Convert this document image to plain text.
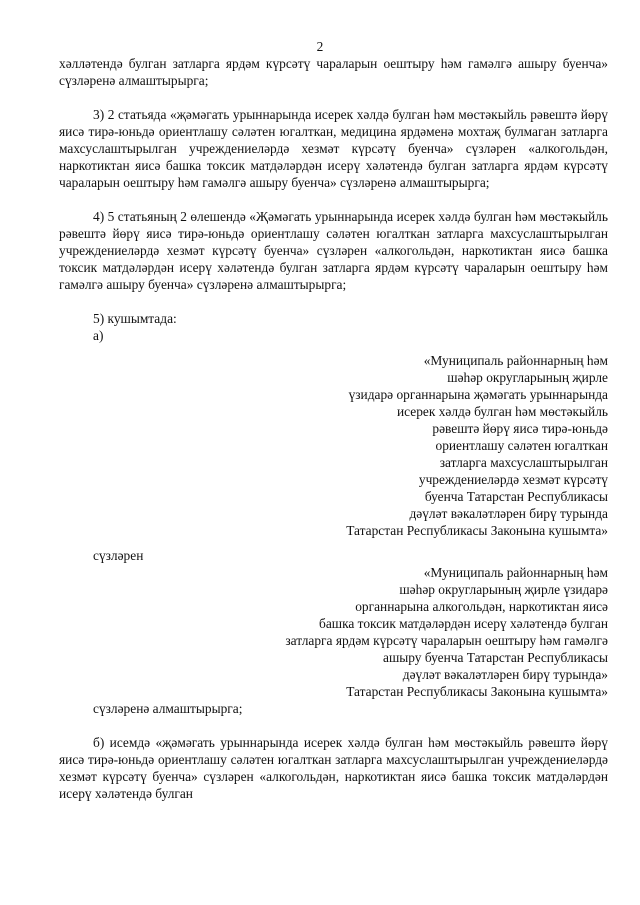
2

хәлләтендә булган затларга ярдәм күрсәтү чараларын оештыру һәм гамәлгә ашыру буенча» сүзләренә алмаштырырга;

3) 2 статьяда «җәмәгать урыннарында исерек хәлдә булган һәм мөстәкыйль рәвештә йөрү яисә тирә-юньдә ориентлашу сәләтен югалткан, медицина ярдәменә мохтаҗ булмаган затларга махсуслаштырылган учреждениеләрдә хезмәт күрсәтү буенча» сүзләрен «алкогольдән, наркотиктан яисә башка токсик матдәләрдән исерү хәләтендә булган затларга ярдәм күрсәтү чараларын оештыру һәм гамәлгә ашыру буенча» сүзләренә алмаштырырга;

4) 5 статьяның 2 өлешендә «Җәмәгать урыннарында исерек хәлдә булган һәм мөстәкыйль рәвештә йөрү яисә тирә-юньдә ориентлашу сәләтен югалткан затларга махсуслаштырылган учреждениеләрдә хезмәт күрсәтү буенча» сүзләрен «алкогольдән, наркотиктан яисә башка токсик матдәләрдән исерү хәләтендә булган затларга ярдәм күрсәтү чараларын оештыру һәм гамәлгә ашыру буенча» сүзләренә алмаштырырга;

5) кушымтада:

а)

«Муниципаль районнарның һәм

шәһәр округларының җирле

үзидарә органнарына җәмәгать урыннарында

исерек хәлдә булган һәм мөстәкыйль

рәвештә йөрү яисә тирә-юньдә

ориентлашу сәләтен югалткан

затларга махсуслаштырылган

учреждениеләрдә хезмәт күрсәтү

буенча Татарстан Республикасы

дәүләт вәкаләтләрен бирү турында

Татарстан Республикасы Законына кушымта»

сүзләрен

«Муниципаль районнарның һәм

шәһәр округларының җирле үзидарә

органнарына алкогольдән, наркотиктан яисә

башка токсик матдәләрдән исерү хәләтендә булган

затларга ярдәм күрсәтү чараларын оештыру һәм гамәлгә

ашыру буенча Татарстан Республикасы

дәүләт вәкаләтләрен бирү турында»

Татарстан Республикасы Законына кушымта»

сүзләренә алмаштырырга;

б) исемдә «җәмәгать урыннарында исерек хәлдә булган һәм мөстәкыйль рәвештә йөрү яисә тирә-юньдә ориентлашу сәләтен югалткан затларга махсуслаштырылган учреждениеләрдә хезмәт күрсәтү буенча» сүзләрен «алкогольдән, наркотиктан яисә башка токсик матдәләрдән исерү хәләтендә булган
